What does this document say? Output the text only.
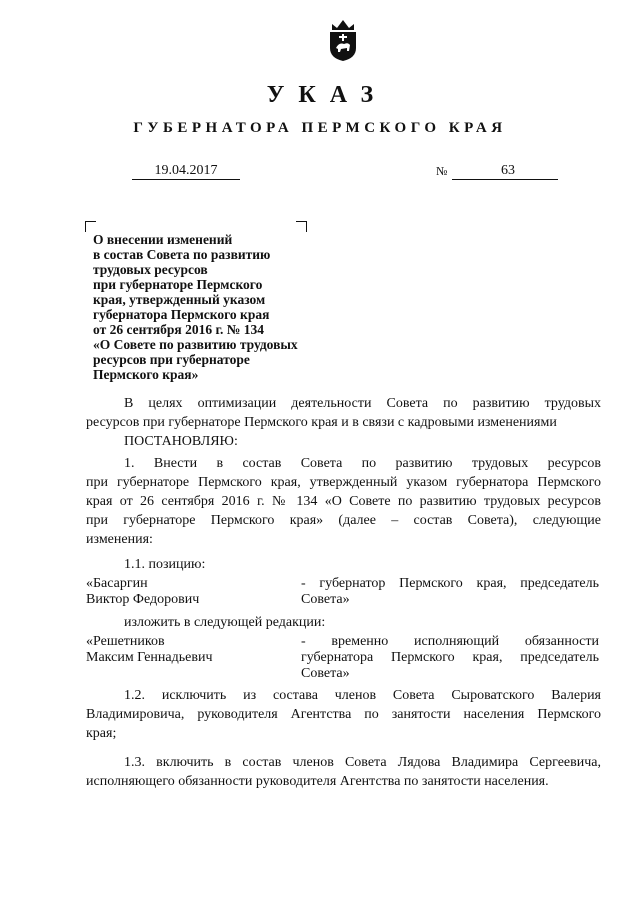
УКАЗ
ГУБЕРНАТОРА ПЕРМСКОГО КРАЯ
19.04.2017	№	63
О внесении изменений
в состав Совета по развитию
трудовых ресурсов
при губернаторе Пермского
края, утвержденный указом
губернатора Пермского края
от 26 сентября 2016 г. № 134
«О Совете по развитию трудовых
ресурсов при губернаторе
Пермского края»
В целях оптимизации деятельности Совета по развитию трудовых
ресурсов при губернаторе Пермского края и в связи с кадровыми изменениями
ПОСТАНОВЛЯЮ:
1. Внести в состав Совета по развитию трудовых ресурсов
при губернаторе Пермского края, утвержденный указом губернатора Пермского
края от 26 сентября 2016 г. № 134 «О Совете по развитию трудовых ресурсов
при губернаторе Пермского края» (далее – состав Совета), следующие
изменения:
1.1. позицию:
«Басаргин
Виктор Федорович
- губернатор Пермского края, председатель
Совета»
изложить в следующей редакции:
«Решетников
Максим Геннадьевич
- временно исполняющий обязанности
губернатора Пермского края, председатель
Совета»
1.2. исключить из состава членов Совета Сыроватского Валерия
Владимировича, руководителя Агентства по занятости населения Пермского
края;
1.3. включить в состав членов Совета Лядова Владимира Сергеевича,
исполняющего обязанности руководителя Агентства по занятости населения.
